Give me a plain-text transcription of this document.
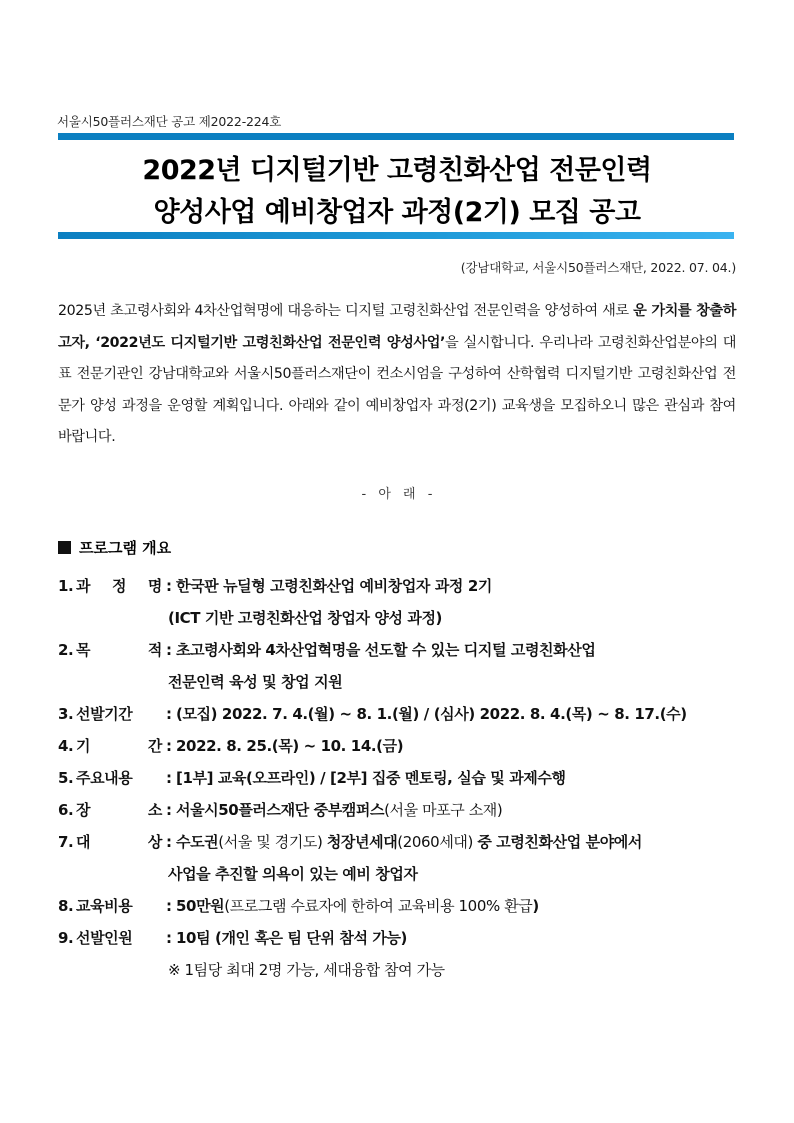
서울시50플러스재단 공고 제2022-224호
2022년 디지털기반 고령친화산업 전문인력
양성사업 예비창업자 과정(2기) 모집 공고
(강남대학교, 서울시50플러스재단, 2022. 07. 04.)

2025년 초고령사회와 4차산업혁명에 대응하는 디지털 고령친화산업 전문인력을 양성하여 새로 운 가치를 창출하고자, ‘2022년도 디지털기반 고령친화산업 전문인력 양성사업’을 실시합니다. 우리나라 고령친화산업분야의 대표 전문기관인 강남대학교와 서울시50플러스재단이 컨소시엄을 구성하여 산학협력 디지털기반 고령친화산업 전문가 양성 과정을 운영할 계획입니다. 아래와 같이 예비창업자 과정(2기) 교육생을 모집하오니 많은 관심과 참여 바랍니다.

- 아 래 -
프로그램 개요
1. 과 정 명 : 한국판 뉴딜형 고령친화산업 예비창업자 과정 2기
(ICT 기반 고령친화산업 창업자 양성 과정)
2. 목	적 : 초고령사회와 4차산업혁명을 선도할 수 있는 디지털 고령친화산업
전문인력 육성 및 창업 지원
3. 선발기간 : (모집) 2022. 7. 4.(월) ~ 8. 1.(월) / (심사) 2022. 8. 4.(목) ~ 8. 17.(수)
4. 기	간 : 2022. 8. 25.(목) ~ 10. 14.(금)
5. 주요내용 : [1부] 교육(오프라인) / [2부] 집중 멘토링, 실습 및 과제수행
6. 장	소 : 서울시50플러스재단 중부캠퍼스(서울 마포구 소재)
7. 대	상 : 수도권(서울 및 경기도) 청장년세대(2060세대) 중 고령친화산업 분야에서
사업을 추진할 의욕이 있는 예비 창업자
8. 교육비용 : 50만원(프로그램 수료자에 한하여 교육비용 100% 환급)
9. 선발인원 : 10팀 (개인 혹은 팀 단위 참석 가능)
※ 1팀당 최대 2명 가능, 세대융합 참여 가능
